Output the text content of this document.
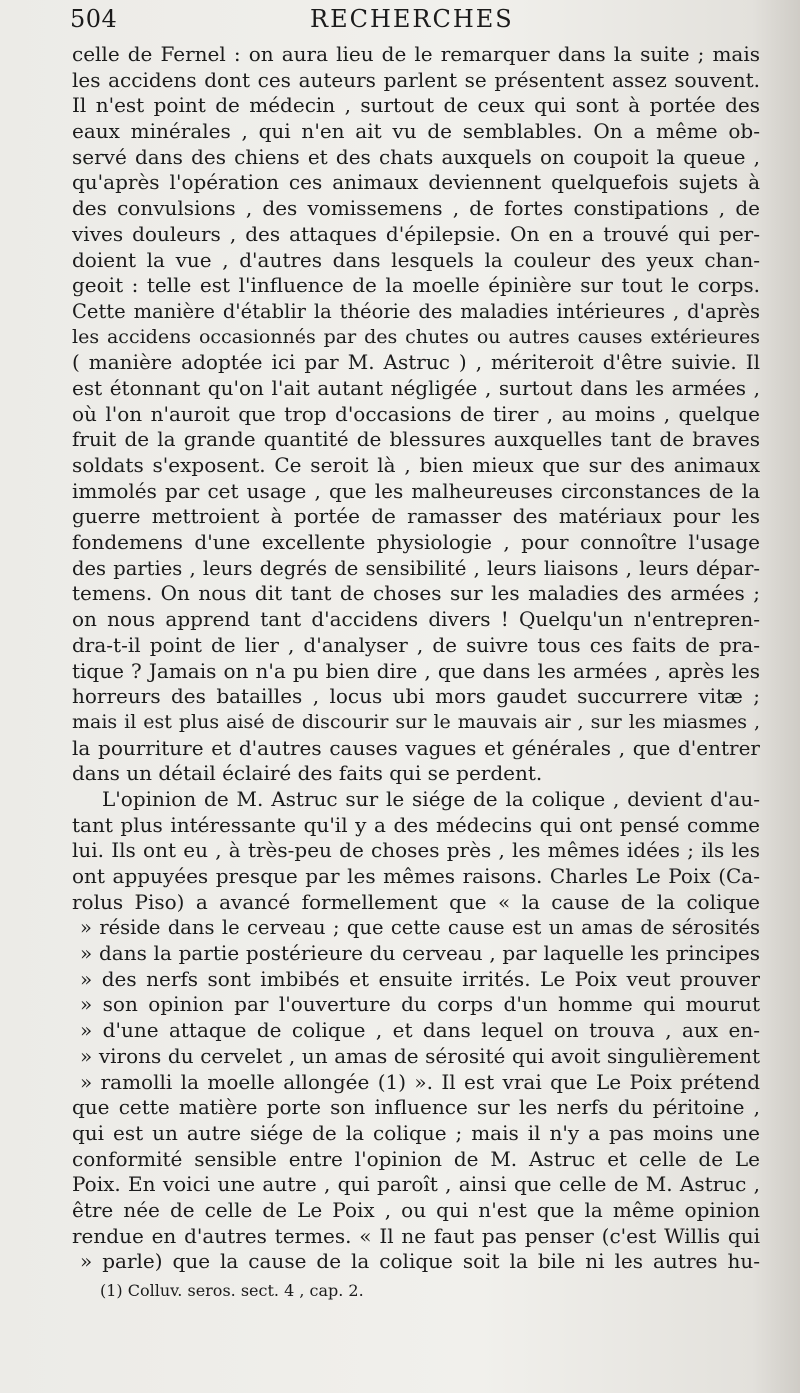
504	RECHERCHES
celle de Fernel : on aura lieu de le remarquer dans la suite ; mais
les accidens dont ces auteurs parlent se présentent assez souvent.
Il n'est point de médecin , surtout de ceux qui sont à portée des
eaux minérales , qui n'en ait vu de semblables. On a même ob-
servé dans des chiens et des chats auxquels on coupoit la queue ,
qu'après l'opération ces animaux deviennent quelquefois sujets à
des convulsions , des vomissemens , de fortes constipations , de
vives douleurs , des attaques d'épilepsie. On en a trouvé qui per-
doient la vue , d'autres dans lesquels la couleur des yeux chan-
geoit : telle est l'influence de la moelle épinière sur tout le corps.
Cette manière d'établir la théorie des maladies intérieures , d'après
les accidens occasionnés par des chutes ou autres causes extérieures
( manière adoptée ici par M. Astruc ) , mériteroit d'être suivie. Il
est étonnant qu'on l'ait autant négligée , surtout dans les armées ,
où l'on n'auroit que trop d'occasions de tirer , au moins , quelque
fruit de la grande quantité de blessures auxquelles tant de braves
soldats s'exposent. Ce seroit là , bien mieux que sur des animaux
immolés par cet usage , que les malheureuses circonstances de la
guerre mettroient à portée de ramasser des matériaux pour les
fondemens d'une excellente physiologie , pour connoître l'usage
des parties , leurs degrés de sensibilité , leurs liaisons , leurs dépar-
temens. On nous dit tant de choses sur les maladies des armées ;
on nous apprend tant d'accidens divers ! Quelqu'un n'entrepren-
dra-t-il point de lier , d'analyser , de suivre tous ces faits de pra-
tique ? Jamais on n'a pu bien dire , que dans les armées , après les
horreurs des batailles , locus ubi mors gaudet succurrere vitæ ;
mais il est plus aisé de discourir sur le mauvais air , sur les miasmes ,
la pourriture et d'autres causes vagues et générales , que d'entrer
dans un détail éclairé des faits qui se perdent.
L'opinion de M. Astruc sur le siége de la colique , devient d'au-
tant plus intéressante qu'il y a des médecins qui ont pensé comme
lui. Ils ont eu , à très-peu de choses près , les mêmes idées ; ils les
ont appuyées presque par les mêmes raisons. Charles Le Poix (Ca-
rolus Piso) a avancé formellement que « la cause de la colique
» réside dans le cerveau ; que cette cause est un amas de sérosités
» dans la partie postérieure du cerveau , par laquelle les principes
» des nerfs sont imbibés et ensuite irrités. Le Poix veut prouver
» son opinion par l'ouverture du corps d'un homme qui mourut
» d'une attaque de colique , et dans lequel on trouva , aux en-
» virons du cervelet , un amas de sérosité qui avoit singulièrement
» ramolli la moelle allongée (1) ». Il est vrai que Le Poix prétend
que cette matière porte son influence sur les nerfs du péritoine ,
qui est un autre siége de la colique ; mais il n'y a pas moins une
conformité sensible entre l'opinion de M. Astruc et celle de Le
Poix. En voici une autre , qui paroît , ainsi que celle de M. Astruc ,
être née de celle de Le Poix , ou qui n'est que la même opinion
rendue en d'autres termes. « Il ne faut pas penser (c'est Willis qui
» parle) que la cause de la colique soit la bile ni les autres hu-
(1) Colluv. seros. sect. 4 , cap. 2.
